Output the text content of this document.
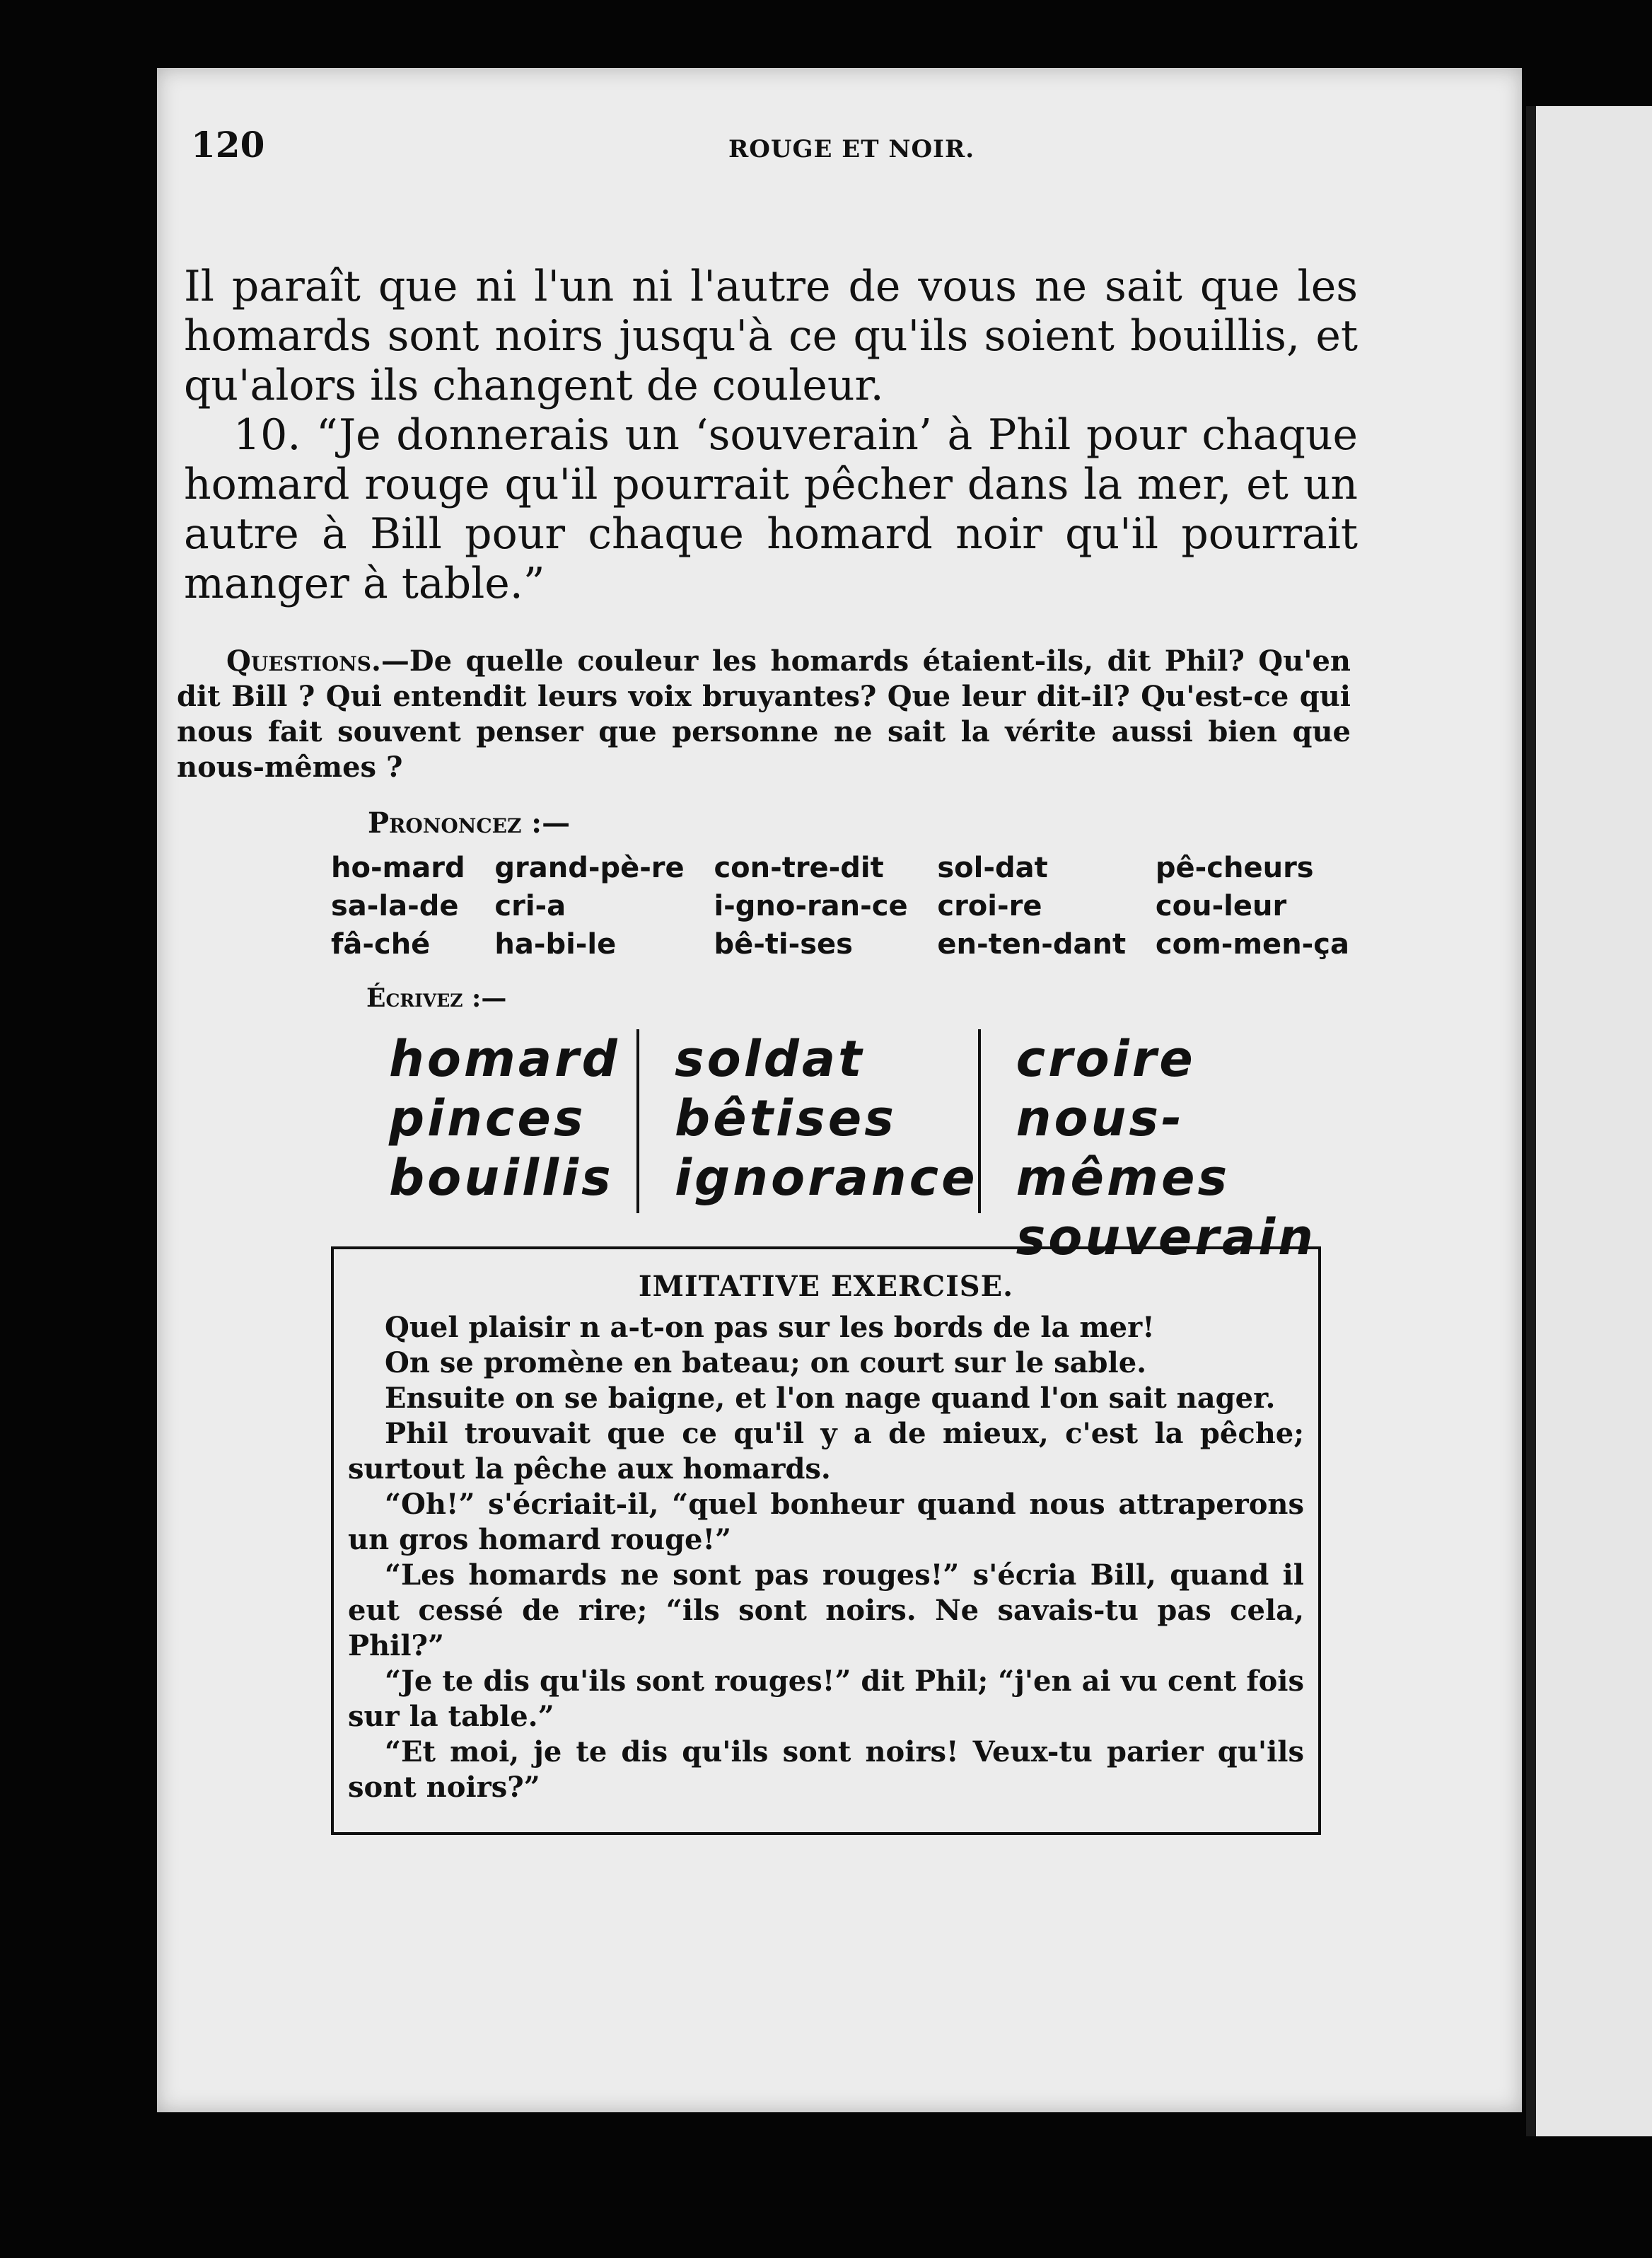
120	ROUGE ET NOIR.

Il paraît que ni l'un ni l'autre de vous ne sait que les homards sont noirs jusqu'à ce qu'ils soient bouillis, et qu'alors ils changent de couleur.

10. “Je donnerais un ‘souverain’ à Phil pour chaque homard rouge qu'il pourrait pêcher dans la mer, et un autre à Bill pour chaque homard noir qu'il pourrait manger à table.”

Questions.—De quelle couleur les homards étaient-ils, dit Phil? Qu'en dit Bill ? Qui entendit leurs voix bruyantes? Que leur dit-il? Qu'est-ce qui nous fait souvent penser que personne ne sait la vérite aussi bien que nous-mêmes ?
Prononcez :—
ho-mard
sa-la-de
fâ-ché
grand-pè-re
cri-a
ha-bi-le
con-tre-dit
i-gno-ran-ce
bê-ti-ses
sol-dat
croi-re
en-ten-dant
pê-cheurs
cou-leur
com-men-ça
Écrivez :—
homard
pinces
bouillis
soldat
bêtises
ignorance
croire
nous-mêmes
souverain
IMITATIVE EXERCISE.

Quel plaisir n a-t-on pas sur les bords de la mer!

On se promène en bateau; on court sur le sable.

Ensuite on se baigne, et l'on nage quand l'on sait nager.

Phil trouvait que ce qu'il y a de mieux, c'est la pêche; surtout la pêche aux homards.

“Oh!” s'écriait-il, “quel bonheur quand nous attraperons un gros homard rouge!”

“Les homards ne sont pas rouges!” s'écria Bill, quand il eut cessé de rire; “ils sont noirs. Ne savais-tu pas cela, Phil?”

“Je te dis qu'ils sont rouges!” dit Phil; “j'en ai vu cent fois sur la table.”

“Et moi, je te dis qu'ils sont noirs! Veux-tu parier qu'ils sont noirs?”
